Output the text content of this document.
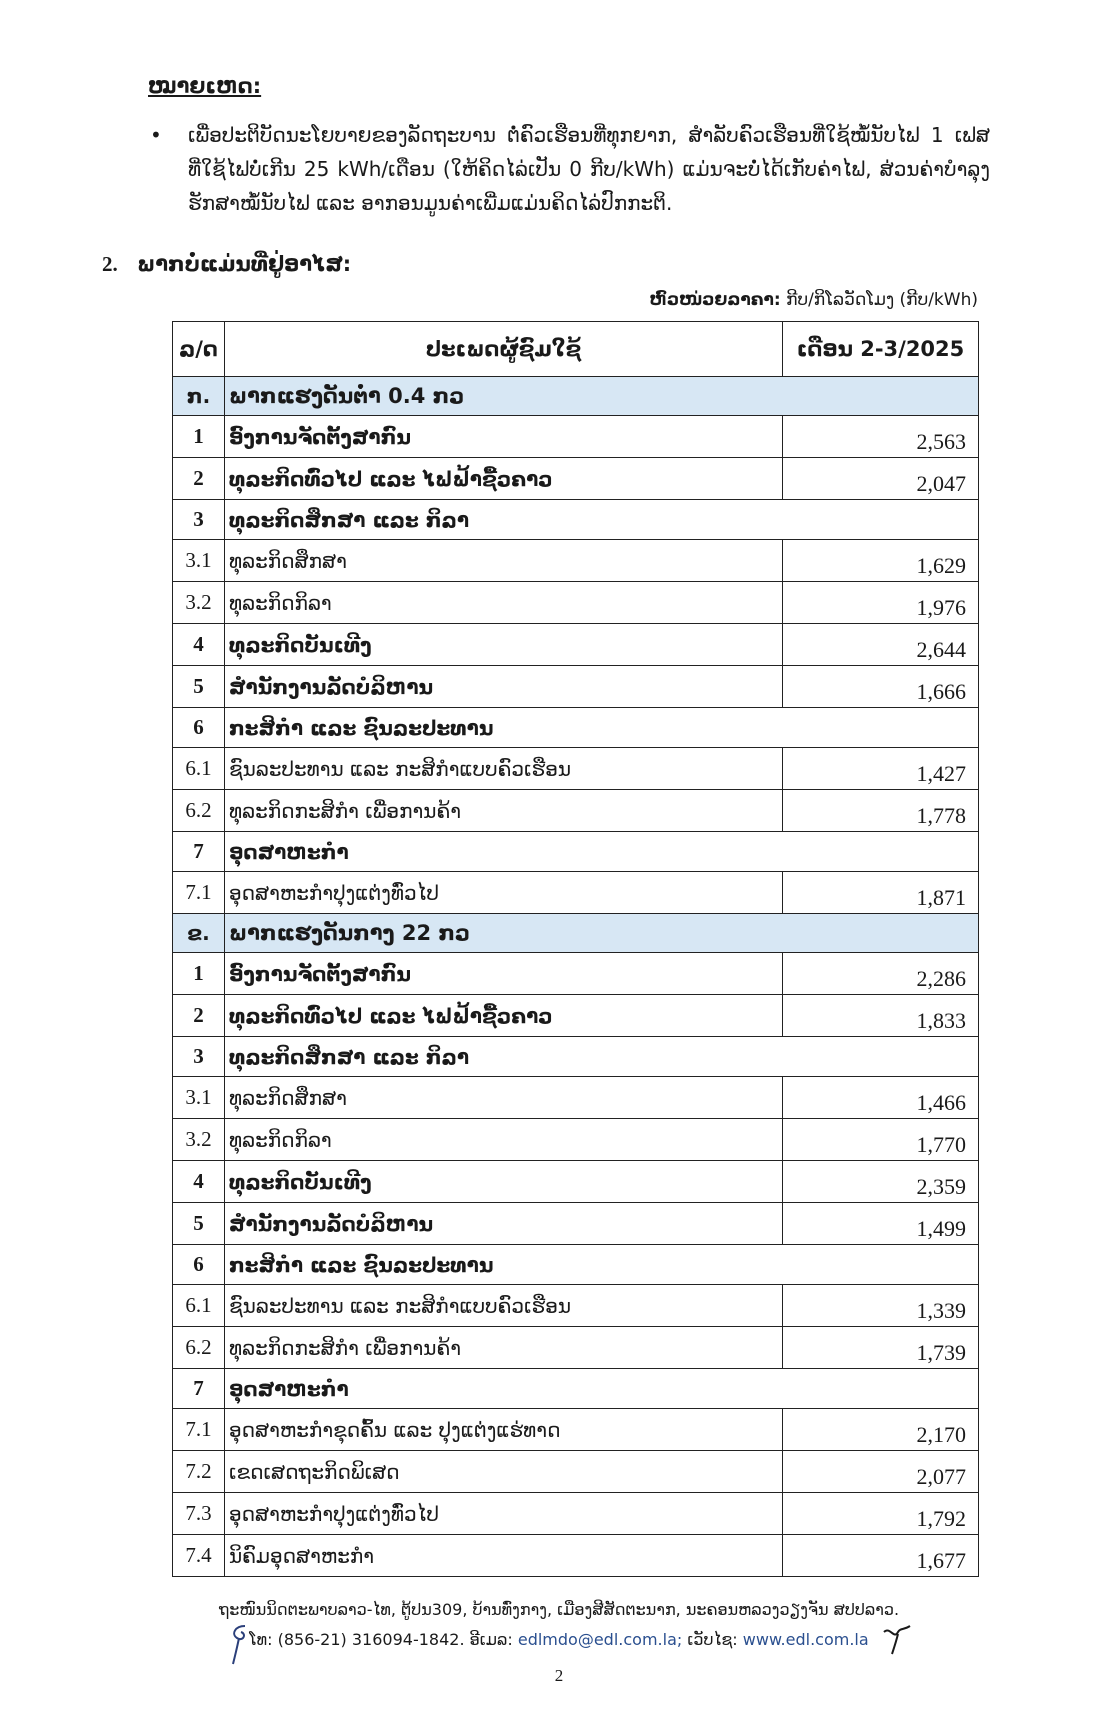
ໝາຍເຫດ:
• ເພື່ອປະຕິບັດນະໂຍບາຍຂອງລັດຖະບານ ຕໍ່ຄົວເຮືອນທີ່ທຸກຍາກ, ສຳລັບຄົວເຮືອນທີ່ໃຊ້ໝໍ້ນັບໄຟ 1 ເຟສ ທີ່ໃຊ້ໄຟບໍ່ເກີນ 25 kWh/ເດືອນ (ໃຫ້ຄິດໄລ່ເປັນ 0 ກີບ/kWh) ແມ່ນຈະບໍ່ໄດ້ເກັບຄ່າໄຟ, ສ່ວນຄ່າບຳລຸງຮັກສາໝໍ້ນັບໄຟ ແລະ ອາກອນມູນຄ່າເພີ່ມແມ່ນຄິດໄລ່ປົກກະຕິ.
2. ພາກບໍ່ແມ່ນທີ່ຢູ່ອາໄສ:
ຫົວໜ່ວຍລາຄາ: ກີບ/ກິໂລວັດໂມງ (ກີບ/kWh)
ລ/ດ	ປະເພດຜູ້ຊົມໃຊ້	ເດືອນ 2-3/2025
ກ.	ພາກແຮງດັນຕ່ຳ 0.4 ກວ	
1	ອົງການຈັດຕັ້ງສາກົນ	2,563
2	ທຸລະກິດທົ່ວໄປ ແລະ ໄຟຟ້າຊື້ວຄາວ	2,047
3	ທຸລະກິດສຶກສາ ແລະ ກິລາ	
3.1	ທຸລະກິດສຶກສາ	1,629
3.2	ທຸລະກິດກິລາ	1,976
4	ທຸລະກິດບັນເທີງ	2,644
5	ສຳນັກງານລັດບໍລິຫານ	1,666
6	ກະສິກຳ ແລະ ຊົນລະປະທານ	
6.1	ຊົນລະປະທານ ແລະ ກະສິກຳແບບຄົວເຮືອນ	1,427
6.2	ທຸລະກິດກະສິກຳ ເພື່ອການຄ້າ	1,778
7	ອຸດສາຫະກຳ	
7.1	ອຸດສາຫະກຳປຸງແຕ່ງທົ່ວໄປ	1,871
ຂ.	ພາກແຮງດັນກາງ 22 ກວ	
1	ອົງການຈັດຕັ້ງສາກົນ	2,286
2	ທຸລະກິດທົ່ວໄປ ແລະ ໄຟຟ້າຊື້ວຄາວ	1,833
3	ທຸລະກິດສຶກສາ ແລະ ກິລາ	
3.1	ທຸລະກິດສຶກສາ	1,466
3.2	ທຸລະກິດກິລາ	1,770
4	ທຸລະກິດບັນເທີງ	2,359
5	ສຳນັກງານລັດບໍລິຫານ	1,499
6	ກະສິກຳ ແລະ ຊົນລະປະທານ	
6.1	ຊົນລະປະທານ ແລະ ກະສິກຳແບບຄົວເຮືອນ	1,339
6.2	ທຸລະກິດກະສິກຳ ເພື່ອການຄ້າ	1,739
7	ອຸດສາຫະກຳ	
7.1	ອຸດສາຫະກຳຂຸດຄົ້ນ ແລະ ປຸງແຕ່ງແຮ່ທາດ	2,170
7.2	ເຂດເສດຖະກິດພິເສດ	2,077
7.3	ອຸດສາຫະກຳປຸງແຕ່ງທົ່ວໄປ	1,792
7.4	ນິຄົມອຸດສາຫະກຳ	1,677
ຖະໜົນນິດຕະພາບລາວ-ໄທ, ຕູ້ປນ309, ບ້ານທົ່ງກາງ, ເມືອງສີສັດຕະນາກ, ນະຄອນຫລວງວຽງຈັນ ສປປລາວ.
ໂທ: (856-21) 316094-1842. ອີເມລ: edlmdo@edl.com.la; ເວັບໄຊ: www.edl.com.la
2
